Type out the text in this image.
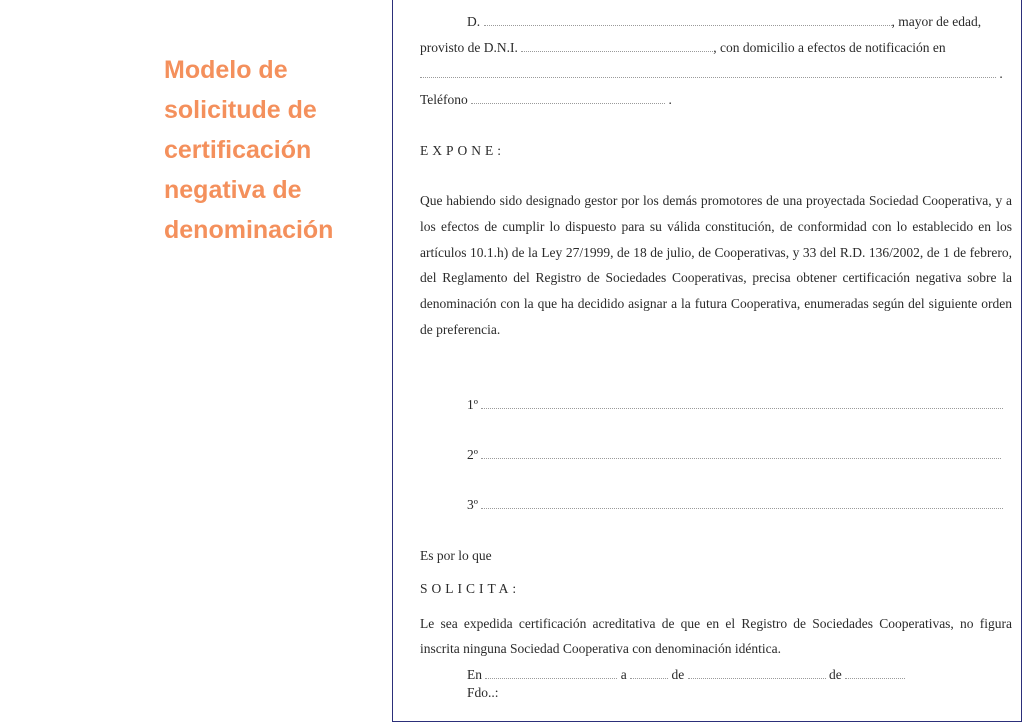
Modelo de solicitude de certificación negativa de denominación
D.	, mayor de edad,
provisto de D.N.I.	, con domicilio a efectos de notificación en
.
Teléfono	.
EXPONE:
Que habiendo sido designado gestor por los demás promotores de una proyectada Sociedad Cooperativa, y a los efectos de cumplir lo dispuesto para su válida constitución, de conformidad con lo establecido en los artículos 10.1.h) de la Ley 27/1999, de 18 de julio, de Cooperativas, y 33 del R.D. 136/2002, de 1 de febrero, del Reglamento del Registro de Sociedades Cooperativas, precisa obtener certificación negativa sobre la denominación con la que ha decidido asignar a la futura Cooperativa, enumeradas según del siguiente orden de preferencia.
1º
2º
3º
Es por lo que
SOLICITA:
Le sea expedida certificación acreditativa de que en el Registro de Sociedades Cooperativas, no figura inscrita ninguna Sociedad Cooperativa con denominación idéntica.
En	a	de	de
Fdo..:
